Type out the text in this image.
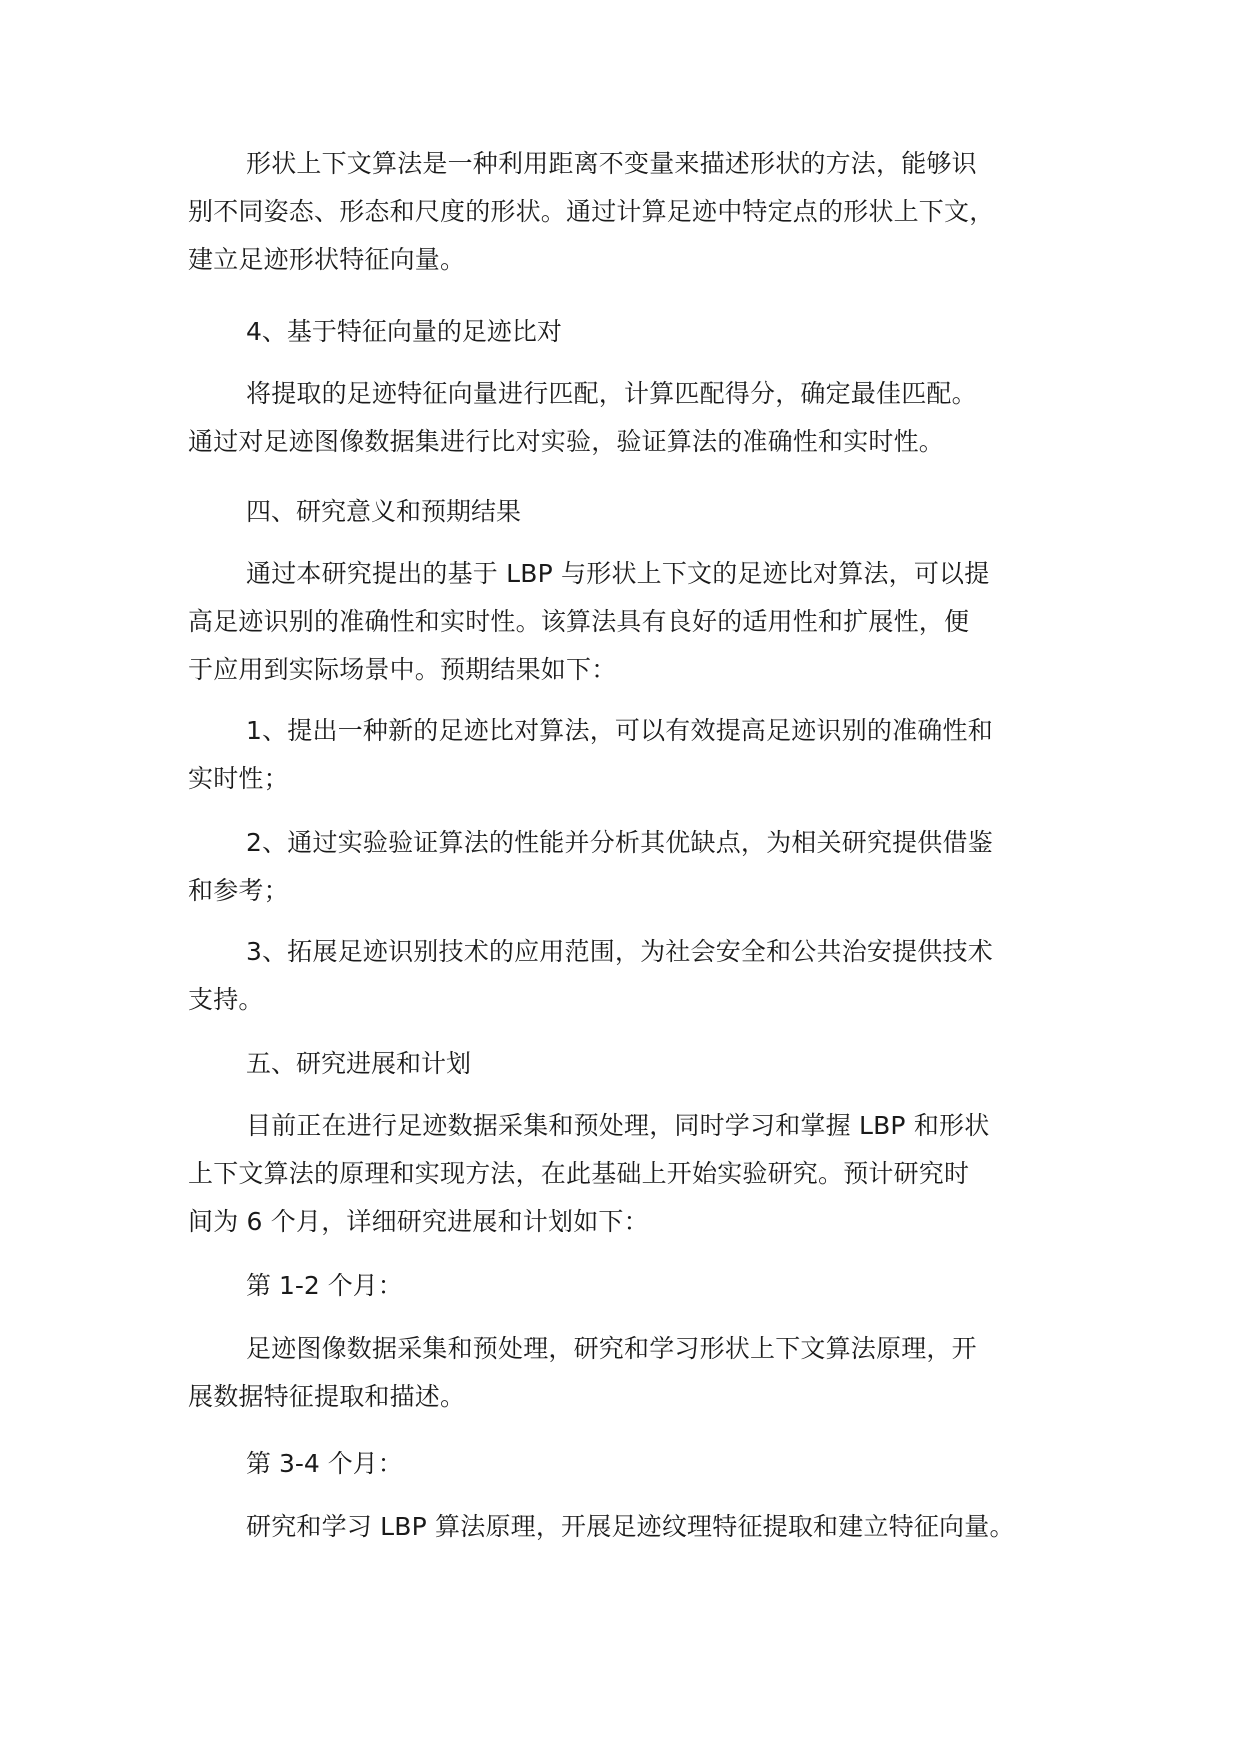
形状上下文算法是一种利用距离不变量来描述形状的方法，能够识
别不同姿态、形态和尺度的形状。通过计算足迹中特定点的形状上下文，
建立足迹形状特征向量。
4、基于特征向量的足迹比对
将提取的足迹特征向量进行匹配，计算匹配得分，确定最佳匹配。
通过对足迹图像数据集进行比对实验，验证算法的准确性和实时性。
四、研究意义和预期结果
通过本研究提出的基于 LBP 与形状上下文的足迹比对算法，可以提
高足迹识别的准确性和实时性。该算法具有良好的适用性和扩展性，便
于应用到实际场景中。预期结果如下：
1、提出一种新的足迹比对算法，可以有效提高足迹识别的准确性和
实时性；
2、通过实验验证算法的性能并分析其优缺点，为相关研究提供借鉴
和参考；
3、拓展足迹识别技术的应用范围，为社会安全和公共治安提供技术
支持。
五、研究进展和计划
目前正在进行足迹数据采集和预处理，同时学习和掌握 LBP 和形状
上下文算法的原理和实现方法，在此基础上开始实验研究。预计研究时
间为 6 个月，详细研究进展和计划如下：
第 1-2 个月：
足迹图像数据采集和预处理，研究和学习形状上下文算法原理，开
展数据特征提取和描述。
第 3-4 个月：
研究和学习 LBP 算法原理，开展足迹纹理特征提取和建立特征向量。
